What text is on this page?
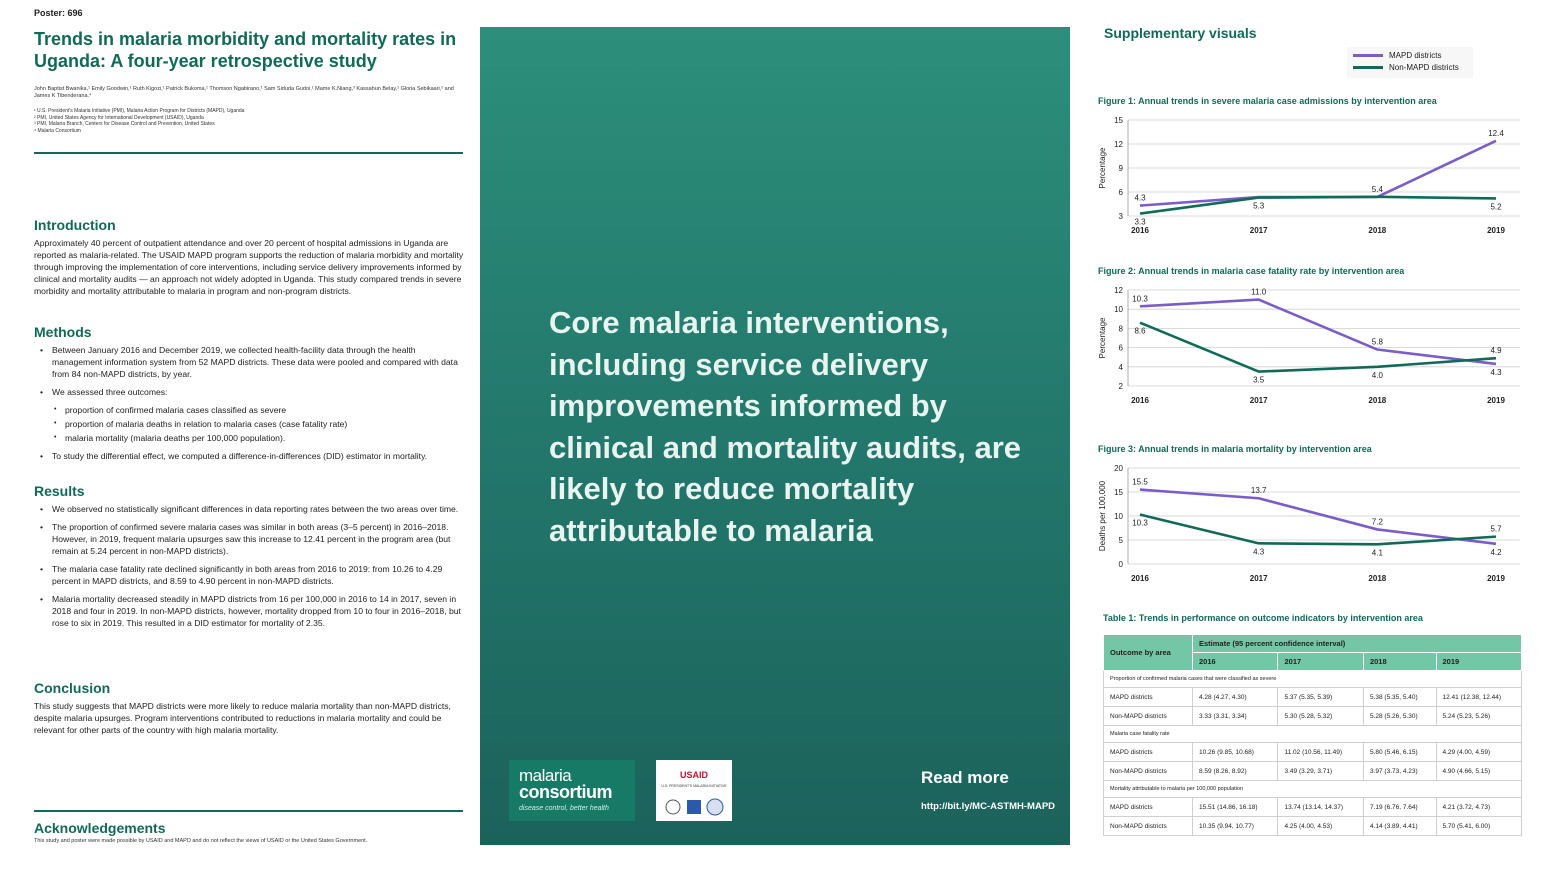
Poster: 696
Trends in malaria morbidity and mortality rates in Uganda: A four-year retrospective study
John Baptist Bwanika,¹ Emily Goodwin,¹ Ruth Kigozi,¹ Patrick Bukoma,¹ Thomson Ngabirano,¹ Sam Siduda Gudoi,¹ Mame K.Niang,³ Kassahun Belay,¹ Gloria Sebikaari,² and James K Tibenderana.⁴
¹ U.S. President's Malaria Initiative (PMI), Malaria Action Program for Districts (MAPD), Uganda
² PMI, United States Agency for International Development (USAID), Uganda
³ PMI, Malaria Branch, Centers for Disease Control and Prevention, United States
⁴ Malaria Consortium
Introduction
Approximately 40 percent of outpatient attendance and over 20 percent of hospital admissions in Uganda are reported as malaria-related. The USAID MAPD program supports the reduction of malaria morbidity and mortality through improving the implementation of core interventions, including service delivery improvements informed by clinical and mortality audits — an approach not widely adopted in Uganda. This study compared trends in severe morbidity and mortality attributable to malaria in program and non-program districts.
Methods
• Between January 2016 and December 2019, we collected health-facility data through the health management information system from 52 MAPD districts. These data were pooled and compared with data from 84 non-MAPD districts, by year.
• We assessed three outcomes:
• proportion of confirmed malaria cases classified as severe
• proportion of malaria deaths in relation to malaria cases (case fatality rate)
• malaria mortality (malaria deaths per 100,000 population).
• To study the differential effect, we computed a difference-in-differences (DID) estimator in mortality.
Results
• We observed no statistically significant differences in data reporting rates between the two areas over time.
• The proportion of confirmed severe malaria cases was similar in both areas (3–5 percent) in 2016–2018. However, in 2019, frequent malaria upsurges saw this increase to 12.41 percent in the program area (but remain at 5.24 percent in non-MAPD districts).
• The malaria case fatality rate declined significantly in both areas from 2016 to 2019: from 10.26 to 4.29 percent in MAPD districts, and 8.59 to 4.90 percent in non-MAPD districts.
• Malaria mortality decreased steadily in MAPD districts from 16 per 100,000 in 2016 to 14 in 2017, seven in 2018 and four in 2019. In non-MAPD districts, however, mortality dropped from 10 to four in 2016–2018, but rose to six in 2019. This resulted in a DID estimator for mortality of 2.35.
Conclusion
This study suggests that MAPD districts were more likely to reduce malaria mortality than non-MAPD districts, despite malaria upsurges. Program interventions contributed to reductions in malaria mortality and could be relevant for other parts of the country with high malaria mortality.
Acknowledgements
This study and poster were made possible by USAID and MAPD and do not reflect the views of USAID or the United States Government.
Core malaria interventions, including service delivery improvements informed by clinical and mortality audits, are likely to reduce mortality attributable to malaria
malaria
consortium
disease control, better health
USAID
U.S. PRESIDENT'S MALARIA INITIATIVE	Read more
http://bit.ly/MC-ASTMH-MAPD
Supplementary visuals
MAPD districts
Non-MAPD districts
Figure 1: Annual trends in severe malaria case admissions by intervention area
3
6
9
12
15
2016	2017	2018	2019
Percentage
4.3
12.4
3.3
5.3
5.4
5.2
Figure 2: Annual trends in malaria case fatality rate by intervention area
2
4
6
8
10
12
2016	2017	2018	2019
Percentage
10.3
11.0
5.8
4.3
8.6
3.5
4.0
4.9
Figure 3: Annual trends in malaria mortality by intervention area
0
5
10
15
20
2016	2017	2018	2019
Deaths per 100,000	15.5
13.7
7.2
4.2
10.3
4.3	4.1
5.7
Table 1: Trends in performance on outcome indicators by intervention area
Outcome by area	Estimate (95 percent confidence interval)			
	2016	2017	2018	2019
Proportion of confirmed malaria cases that were classified as severe				
MAPD districts	4.28 (4.27, 4.30)	5.37 (5.35, 5.39)	5.38 (5.35, 5.40)	12.41 (12.38, 12.44)
Non-MAPD districts	3.33 (3.31, 3.34)	5.30 (5.28, 5.32)	5.28 (5.26, 5.30)	5.24 (5.23, 5.26)
Malaria case fatality rate				
MAPD districts	10.26 (9.85, 10.68)	11.02 (10.56, 11.49)	5.80 (5.46, 6.15)	4.29 (4.00, 4.59)
Non-MAPD districts	8.59 (8.26, 8.92)	3.49 (3.29, 3.71)	3.97 (3.73, 4.23)	4.90 (4.66, 5.15)
Mortality attributable to malaria per 100,000 population				
MAPD districts	15.51 (14.86, 16.18)	13.74 (13.14, 14.37)	7.19 (6.76, 7.64)	4.21 (3.72, 4.73)
Non-MAPD districts	10.35 (9.94, 10.77)	4.25 (4.00, 4.53)	4.14 (3.89, 4.41)	5.70 (5.41, 6.00)
